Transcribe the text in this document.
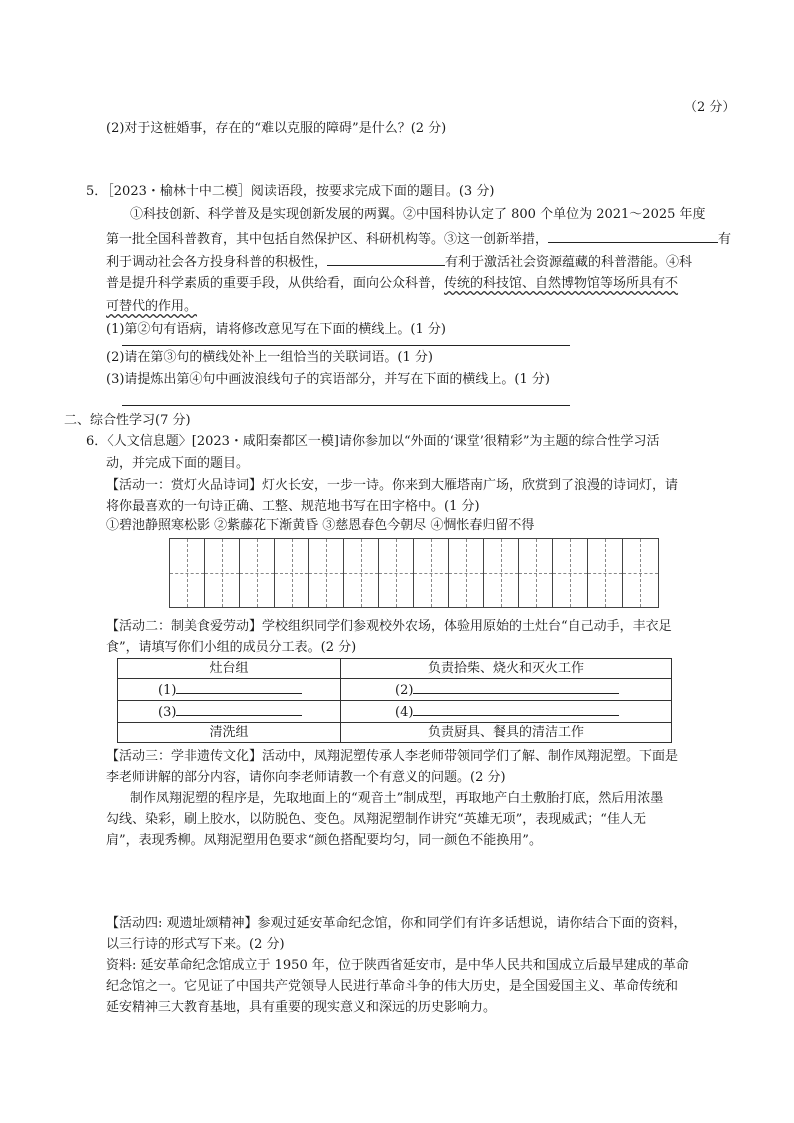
（2 分）
(2)对于这桩婚事，存在的“难以克服的障碍”是什么？(2 分)
5．［2023・榆林十中二模］阅读语段，按要求完成下面的题目。(3 分)
①科技创新、科学普及是实现创新发展的两翼。②中国科协认定了 800 个单位为 2021～2025 年度
第一批全国科普教育，其中包括自然保护区、科研机构等。③这一创新举措，	有
利于调动社会各方投身科普的积极性，	有利于激活社会资源蕴藏的科普潜能。④科
普是提升科学素质的重要手段，从供给看，面向公众科普，传统的科技馆、自然博物馆等场所具有不
可替代的作用。
(1)第②句有语病，请将修改意见写在下面的横线上。(1 分)
(2)请在第③句的横线处补上一组恰当的关联词语。(1 分)
(3)请提炼出第④句中画波浪线句子的宾语部分，并写在下面的横线上。(1 分)
二、综合性学习(7 分)
6．〈人文信息题〉[2023・咸阳秦都区一模]请你参加以“外面的‘课堂’很精彩”为主题的综合性学习活
动，并完成下面的题目。
【活动一：赏灯火品诗词】灯火长安，一步一诗。你来到大雁塔南广场，欣赏到了浪漫的诗词灯，请
将你最喜欢的一句诗正确、工整、规范地书写在田字格中。(1 分)
①碧池静照寒松影 ②紫藤花下渐黄昏 ③慈恩春色今朝尽 ④惆怅春归留不得
【活动二：制美食爱劳动】学校组织同学们参观校外农场，体验用原始的土灶台“自己动手，丰衣足
食”，请填写你们小组的成员分工表。(2 分)
灶台组	负责拾柴、烧火和灭火工作
(1)	(2)
(3)	(4)
清洗组	负责厨具、餐具的清洁工作
【活动三：学非遗传文化】活动中，凤翔泥塑传承人李老师带领同学们了解、制作凤翔泥塑。下面是
李老师讲解的部分内容，请你向李老师请教一个有意义的问题。(2 分)
制作凤翔泥塑的程序是，先取地面上的“观音土”制成型，再取地产白土敷胎打底，然后用浓墨
勾线、染彩，刷上胶水，以防脱色、变色。凤翔泥塑制作讲究“英雄无项”，表现威武；“佳人无
肩”，表现秀柳。凤翔泥塑用色要求“颜色搭配要均匀，同一颜色不能换用”。
【活动四: 观遗址颂精神】参观过延安革命纪念馆，你和同学们有许多话想说，请你结合下面的资料，
以三行诗的形式写下来。(2 分)
资料: 延安革命纪念馆成立于 1950 年，位于陕西省延安市，是中华人民共和国成立后最早建成的革命
纪念馆之一。它见证了中国共产党领导人民进行革命斗争的伟大历史，是全国爱国主义、革命传统和
延安精神三大教育基地，具有重要的现实意义和深远的历史影响力。
